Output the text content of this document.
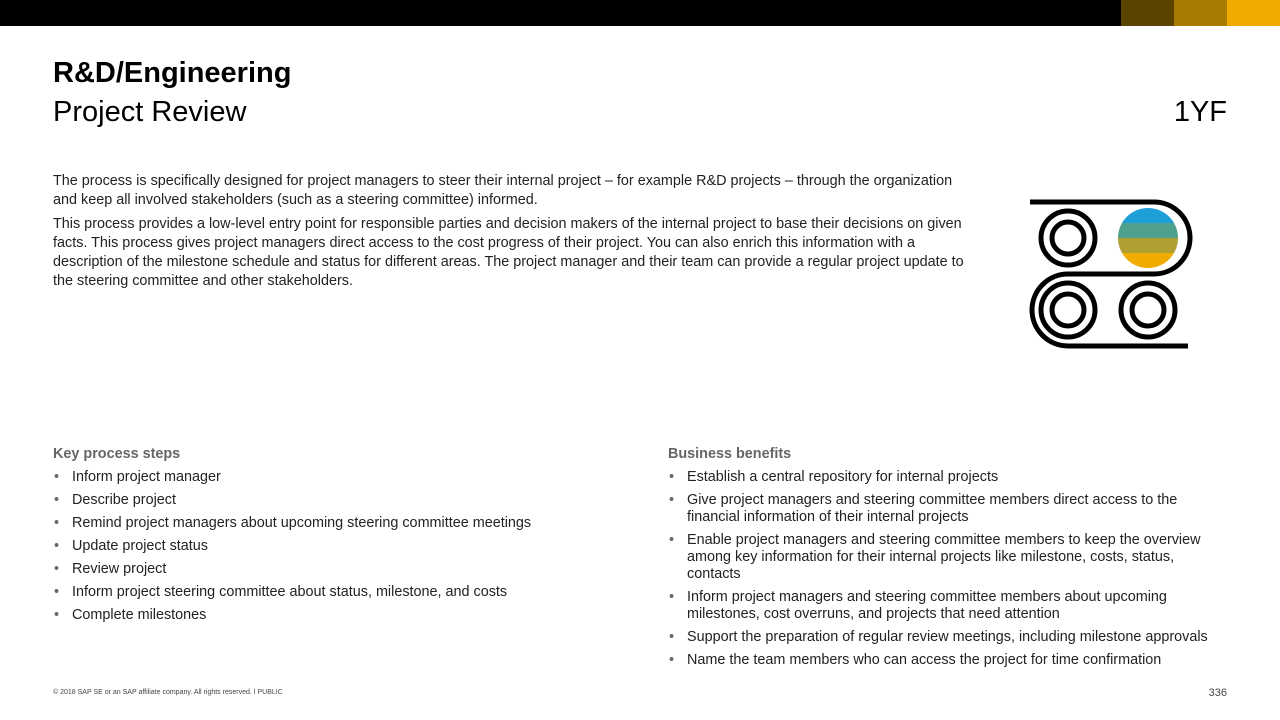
R&D/Engineering
Project Review	1YF

The process is specifically designed for project managers to steer their internal project – for example R&D projects – through the organization and keep all involved stakeholders (such as a steering committee) informed.

This process provides a low-level entry point for responsible parties and decision makers of the internal project to base their decisions on given facts. This process gives project managers direct access to the cost progress of their project. You can also enrich this information with a description of the milestone schedule and status for different areas. The project manager and their team can provide a regular project update to the steering committee and other stakeholders.

Key process steps
• Inform project manager
• Describe project
• Remind project managers about upcoming steering committee meetings
• Update project status
• Review project
• Inform project steering committee about status, milestone, and costs
• Complete milestones
Business benefits
• Establish a central repository for internal projects
• Give project managers and steering committee members direct access to the financial information of their internal projects
• Enable project managers and steering committee members to keep the overview among key information for their internal projects like milestone, costs, status, contacts
• Inform project managers and steering committee members about upcoming milestones, cost overruns, and projects that need attention
• Support the preparation of regular review meetings, including milestone approvals
• Name the team members who can access the project for time confirmation
© 2018 SAP SE or an SAP affiliate company. All rights reserved. ǀ PUBLIC	336
